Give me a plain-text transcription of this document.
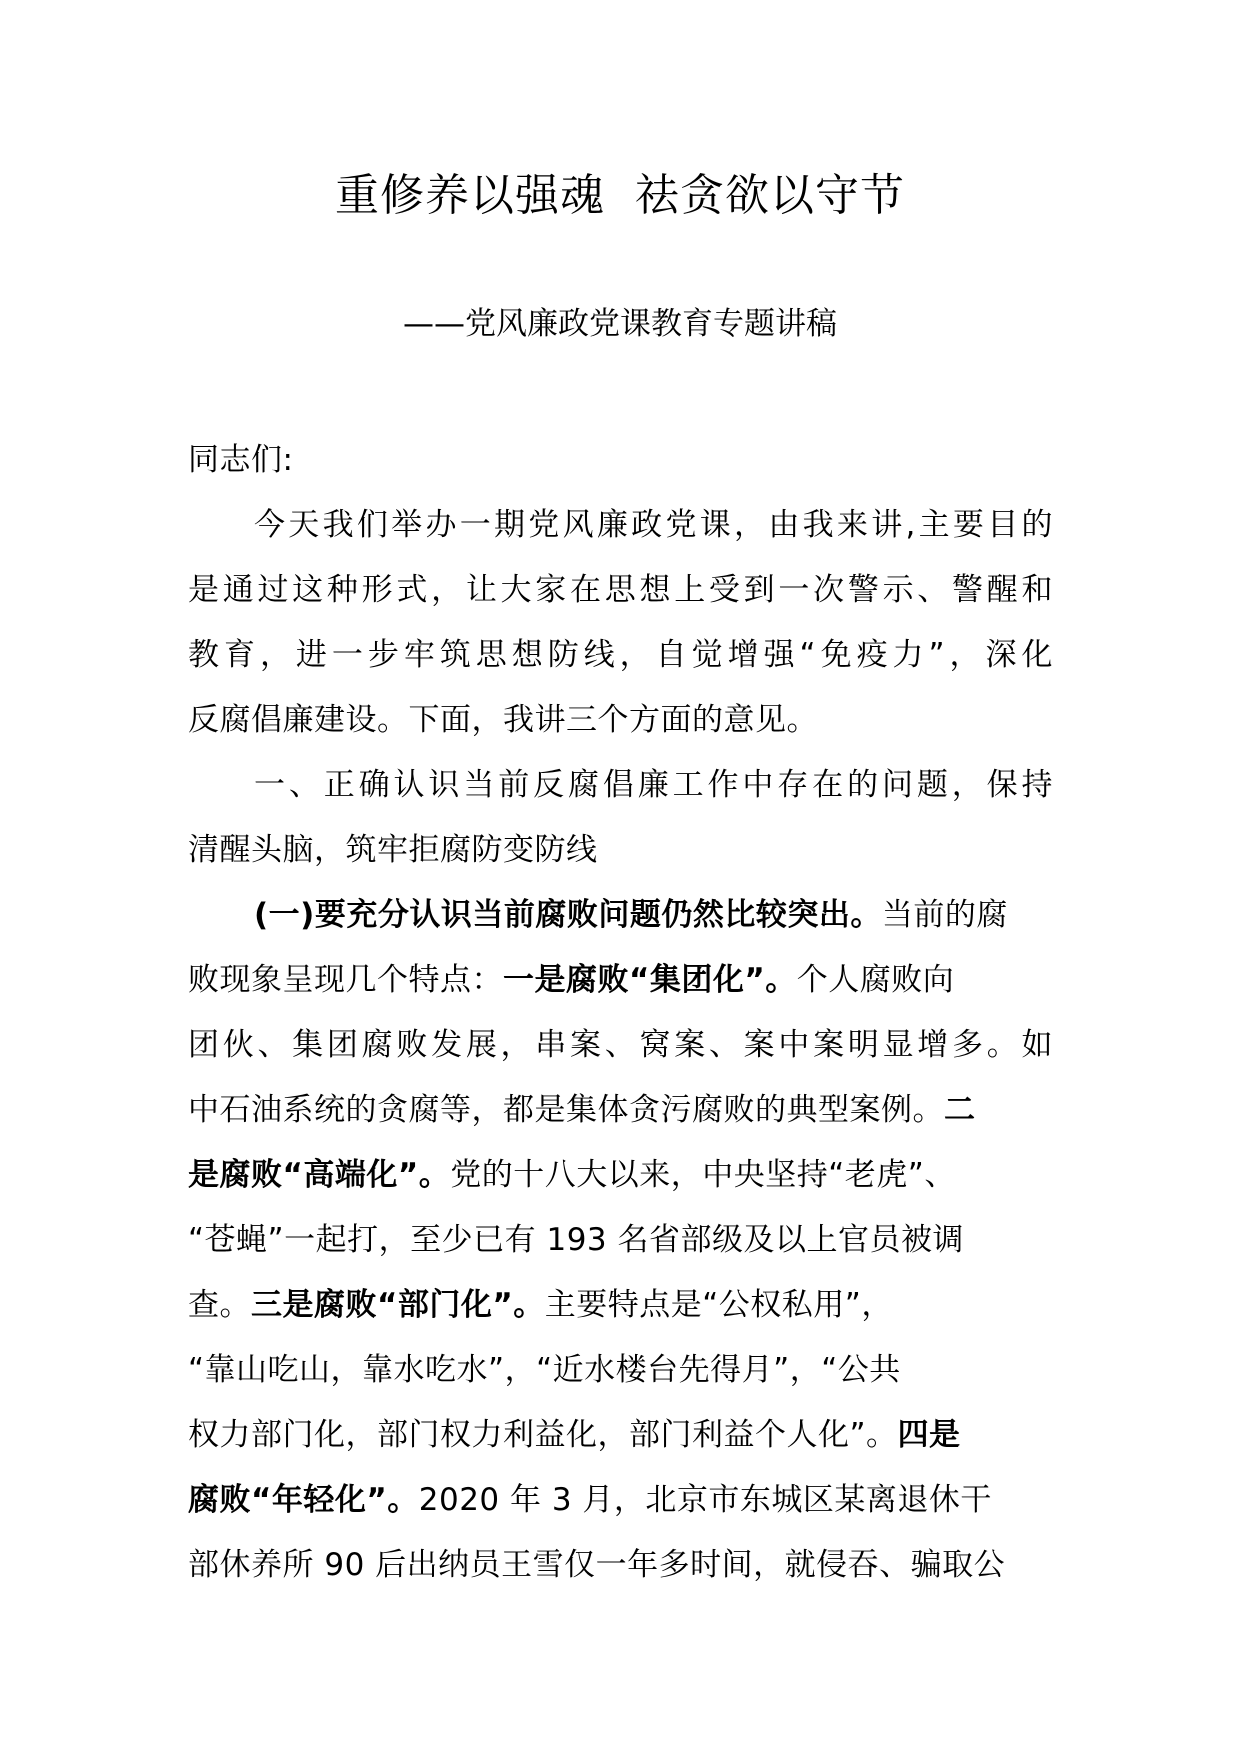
重修养以强魂  祛贪欲以守节
——党风廉政党课教育专题讲稿
同志们:
今天我们举办一期党风廉政党课，由我来讲,主要目的
是通过这种形式，让大家在思想上受到一次警示、警醒和
教育，进一步牢筑思想防线，自觉增强“免疫力”，深化
反腐倡廉建设。下面，我讲三个方面的意见。
一、正确认识当前反腐倡廉工作中存在的问题，保持
清醒头脑，筑牢拒腐防变防线
(一)要充分认识当前腐败问题仍然比较突出。当前的腐
败现象呈现几个特点：一是腐败“集团化”。个人腐败向
团伙、集团腐败发展，串案、窝案、案中案明显增多。如
中石油系统的贪腐等，都是集体贪污腐败的典型案例。二
是腐败“高端化”。党的十八大以来，中央坚持“老虎”、
“苍蝇”一起打，至少已有 193 名省部级及以上官员被调
查。三是腐败“部门化”。主要特点是“公权私用”，
“靠山吃山，靠水吃水”，“近水楼台先得月”，“公共
权力部门化，部门权力利益化，部门利益个人化”。四是
腐败“年轻化”。2020 年 3 月，北京市东城区某离退休干
部休养所 90 后出纳员王雪仅一年多时间，就侵吞、骗取公
